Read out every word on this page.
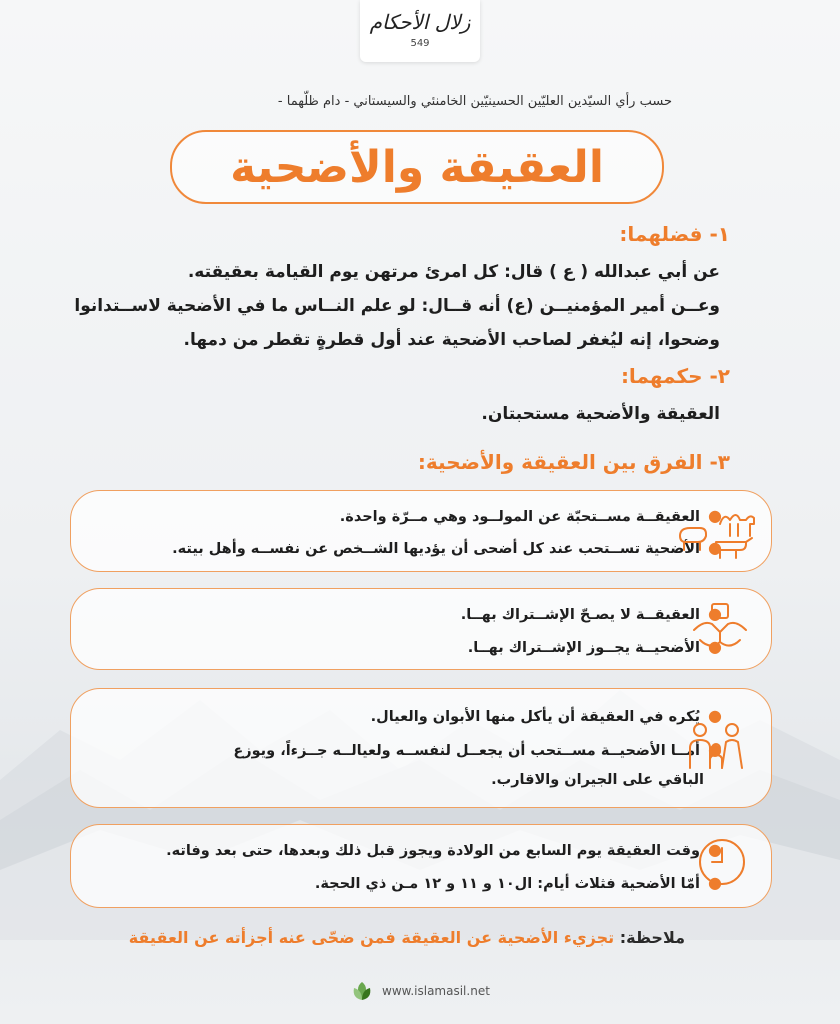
زلال الأحكام
549
حسب رأي السيّدين العليّين الحسينيّين الخامنئي والسيستاني - دام ظلّهما -
العقيقة والأضحية
١- فضلهما:
عن أبي عبدالله ( ع ) قال: كل امرئ مرتهن يوم القيامة بعقيقته.
وعــن أمير المؤمنيــن (ع) أنه قــال: لو علم النــاس ما في الأضحية لاســتدانوا
وضحوا، إنه ليُغفر لصاحب الأضحية عند أول قطرةٍ تقطر من دمها.
٢- حكمهما:
العقيقة والأضحية مستحبتان.
٣- الفرق بين العقيقة والأضحية:
●العقيقــة مســتحبّة عن المولــود وهي مــرّة واحدة.
●الأضحية تســتحب عند كل أضحى أن يؤديها الشــخص عن نفســه وأهل بيته.
●العقيقــة لا يصـحّ الإشــتراك بهــا.
●الأضحيــة يجــوز الإشــتراك بهــا.
●يُكره في العقيقة أن يأكل منها الأبوان والعيال.
●أمــا الأضحيــة مســتحب أن يجعــل لنفســه ولعيالــه جــزءاً، ويوزع
الباقي على الجيران والاقارب.
●وقت العقيقة يوم السابع من الولادة ويجوز قبل ذلك وبعدها، حتى بعد وفاته.
●أمّا الأضحية فثلاث أيام: ال١٠ و ١١ و ١٢ مـن ذي الحجة.
ملاحظة: تجزيء الأضحية عن العقيقة فمن ضحّى عنه أجزأته عن العقيقة
www.islamasil.net
